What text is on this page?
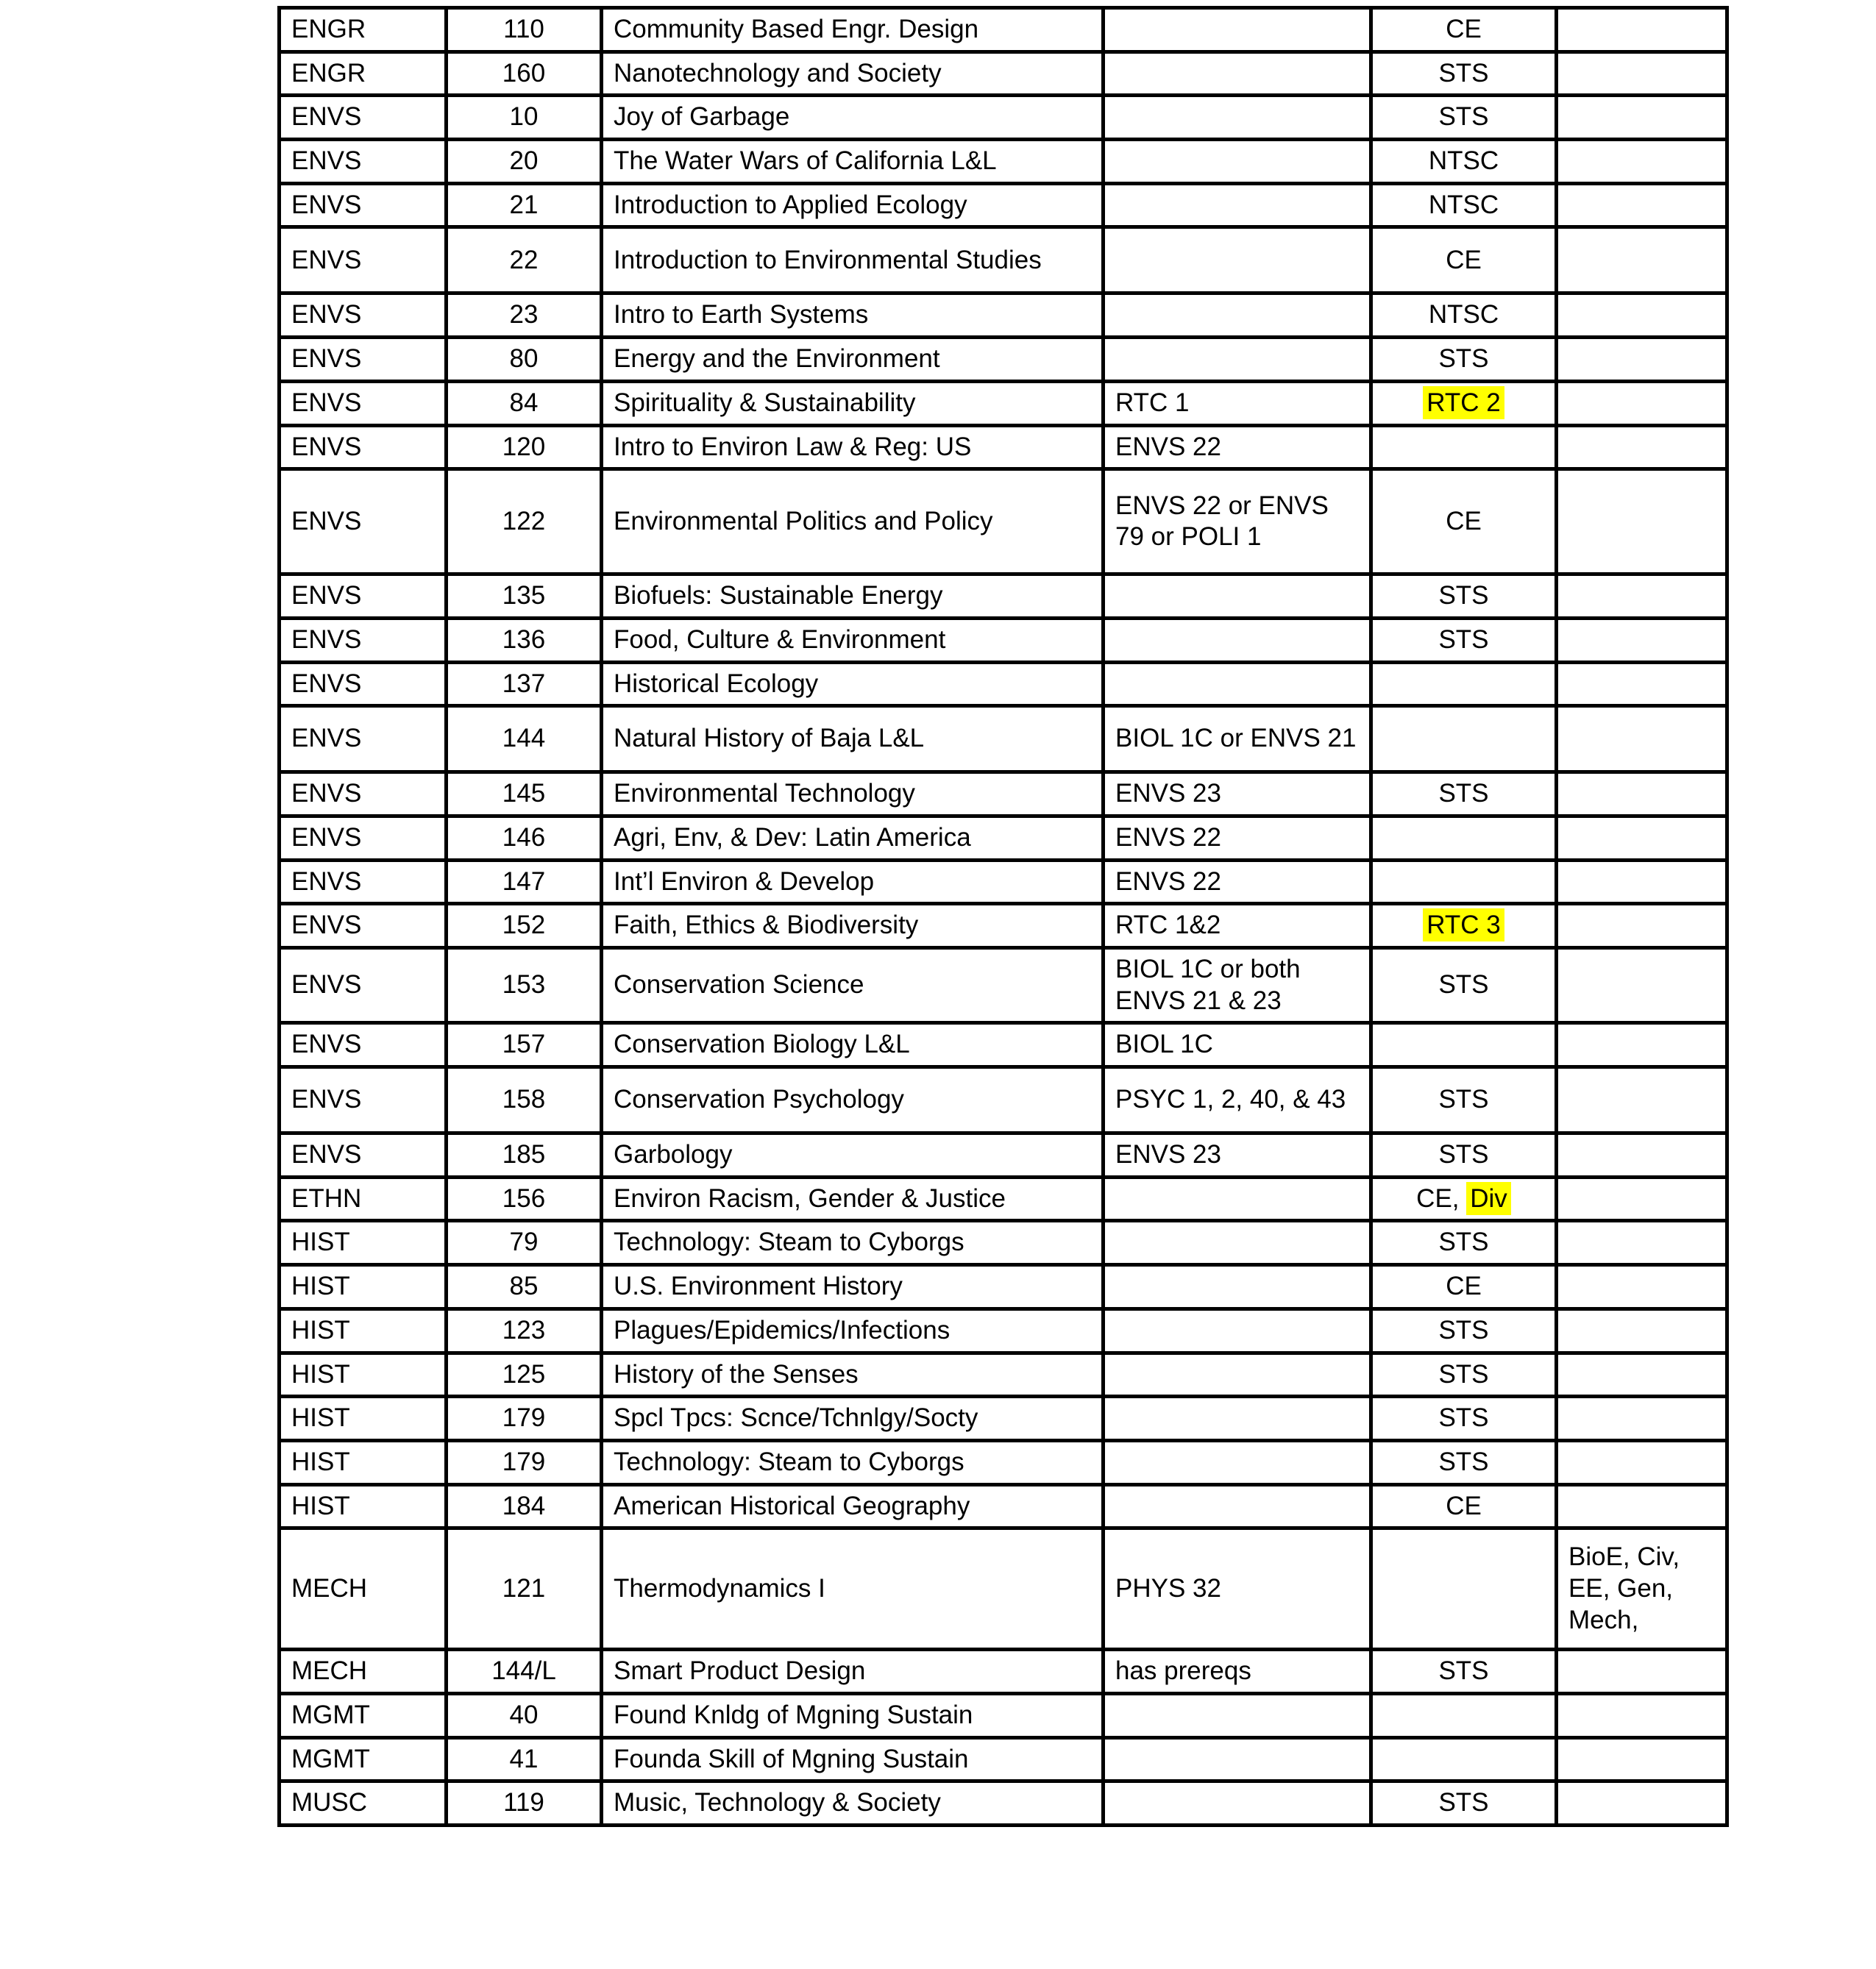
ENGR	110	Community Based Engr. Design		CE	
ENGR	160	Nanotechnology and Society		STS	
ENVS	10	Joy of Garbage		STS	
ENVS	20	The Water Wars of California L&L		NTSC	
ENVS	21	Introduction to Applied Ecology		NTSC	
ENVS	22	Introduction to Environmental Studies		CE	
ENVS	23	Intro to Earth Systems		NTSC	
ENVS	80	Energy and the Environment		STS	
ENVS	84	Spirituality & Sustainability	RTC 1	RTC 2	
ENVS	120	Intro to Environ Law & Reg: US	ENVS 22		
ENVS	122	Environmental Politics and Policy	ENVS 22 or ENVS 79 or POLI 1	CE	
ENVS	135	Biofuels: Sustainable Energy		STS	
ENVS	136	Food, Culture & Environment		STS	
ENVS	137	Historical Ecology			
ENVS	144	Natural History of Baja L&L	BIOL 1C or ENVS 21		
ENVS	145	Environmental Technology	ENVS 23	STS	
ENVS	146	Agri, Env, & Dev: Latin America	ENVS 22		
ENVS	147	Int’l Environ & Develop	ENVS 22		
ENVS	152	Faith, Ethics & Biodiversity	RTC 1&2	RTC 3	
ENVS	153	Conservation Science	BIOL 1C or both ENVS 21 & 23	STS	
ENVS	157	Conservation Biology L&L	BIOL 1C		
ENVS	158	Conservation Psychology	PSYC 1, 2, 40, & 43	STS	
ENVS	185	Garbology	ENVS 23	STS	
ETHN	156	Environ Racism, Gender & Justice		CE, Div	
HIST	79	Technology: Steam to Cyborgs		STS	
HIST	85	U.S. Environment History		CE	
HIST	123	Plagues/Epidemics/Infections		STS	
HIST	125	History of the Senses		STS	
HIST	179	Spcl Tpcs: Scnce/Tchnlgy/Socty		STS	
HIST	179	Technology: Steam to Cyborgs		STS	
HIST	184	American Historical Geography		CE	
MECH	121	Thermodynamics I	PHYS 32		BioE, Civ, EE, Gen, Mech,
MECH	144/L	Smart Product Design	has prereqs	STS	
MGMT	40	Found Knldg of Mgning Sustain			
MGMT	41	Founda Skill of Mgning Sustain			
MUSC	119	Music, Technology & Society		STS	
